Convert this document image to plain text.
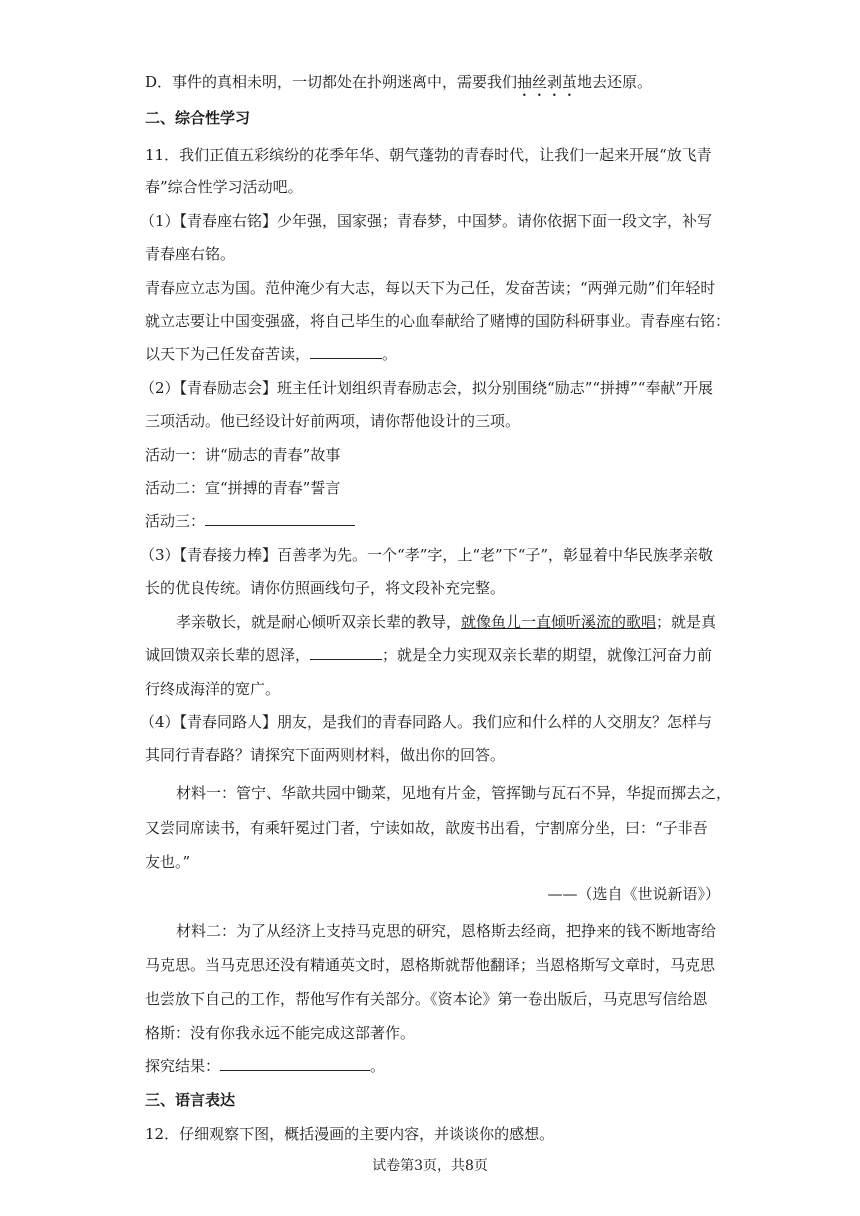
D．事件的真相未明，一切都处在扑朔迷离中，需要我们抽丝剥茧地去还原。
二、综合性学习
11．我们正值五彩缤纷的花季年华、朝气蓬勃的青春时代，让我们一起来开展“放飞青
春”综合性学习活动吧。
（1）【青春座右铭】少年强，国家强；青春梦，中国梦。请你依据下面一段文字，补写
青春座右铭。
青春应立志为国。范仲淹少有大志，每以天下为己任，发奋苦读；“两弹元勋”们年轻时
就立志要让中国变强盛，将自己毕生的心血奉献给了赌博的国防科研事业。青春座右铭：
以天下为己任发奋苦读，	。
（2）【青春励志会】班主任计划组织青春励志会，拟分别围绕“励志”“拼搏”“奉献”开展
三项活动。他已经设计好前两项，请你帮他设计的三项。
活动一：讲“励志的青春”故事
活动二：宣“拼搏的青春”誓言
活动三：
（3）【青春接力棒】百善孝为先。一个“孝”字，上“老”下“子”，彰显着中华民族孝亲敬
长的优良传统。请你仿照画线句子，将文段补充完整。
孝亲敬长，就是耐心倾听双亲长辈的教导，就像鱼儿一直倾听溪流的歌唱；就是真
诚回馈双亲长辈的恩泽，	；就是全力实现双亲长辈的期望，就像江河奋力前
行终成海洋的宽广。
（4）【青春同路人】朋友，是我们的青春同路人。我们应和什么样的人交朋友？怎样与
其同行青春路？请探究下面两则材料，做出你的回答。
材料一：管宁、华歆共园中锄菜，见地有片金，管挥锄与瓦石不异，华捉而掷去之，
又尝同席读书，有乘轩冕过门者，宁读如故，歆废书出看，宁割席分坐，曰：“子非吾
友也。”
——（选自《世说新语》）
材料二：为了从经济上支持马克思的研究，恩格斯去经商，把挣来的钱不断地寄给
马克思。当马克思还没有精通英文时，恩格斯就帮他翻译；当恩格斯写文章时，马克思
也尝放下自己的工作，帮他写作有关部分。《资本论》第一卷出版后，马克思写信给恩
格斯：没有你我永远不能完成这部著作。
探究结果：	。
三、语言表达
12．仔细观察下图，概括漫画的主要内容，并谈谈你的感想。
试卷第3页，共8页
